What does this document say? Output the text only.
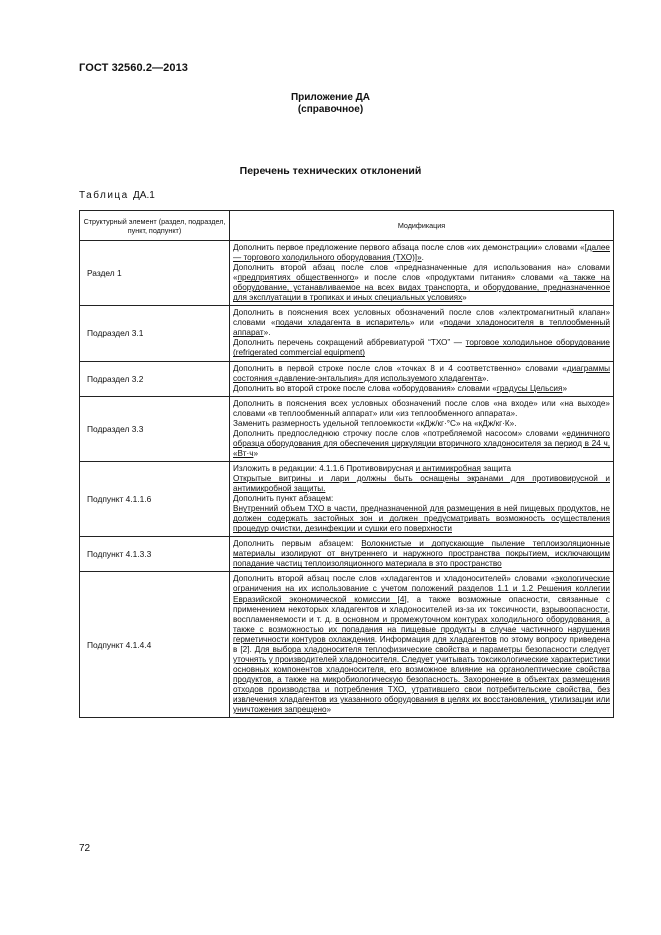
ГОСТ 32560.2—2013
Приложение ДА
(справочное)
Перечень технических отклонений
Таблица ДА.1
Структурный элемент (раздел, подраздел, пункт, подпункт)	Модификация
Раздел 1	Дополнить первое предложение первого абзаца после слов «их демонстрации» словами «[далее — торгового холодильного оборудования (ТХО)]».
Дополнить второй абзац после слов «предназначенные для использования на» словами «предприятиях общественного» и после слов «продуктами питания» словами «а также на оборудование, устанавливаемое на всех видах транспорта, и оборудование, предназначенное для эксплуатации в тропиках и иных специальных условиях»

Подраздел 3.1	Дополнить в пояснения всех условных обозначений после слов «электромагнитный клапан» словами «подачи хладагента в испаритель» или «подачи хладоносителя в теплообменный аппарат».
Дополнить перечень сокращений аббревиатурой “ТХО” — торговое холодильное оборудование (refrigerated commercial equipment)

Подраздел 3.2	Дополнить в первой строке после слов «точках 8 и 4 соответственно» словами «диаграммы состояния «давление-энтальпия» для используемого хладагента».
Дополнить во второй строке после слова «оборудования» словами «градусы Цельсия»

Подраздел 3.3	Дополнить в пояснения всех условных обозначений после слов «на входе» или «на выходе» словами «в теплообменный аппарат» или «из теплообменного аппарата».
Заменить размерность удельной теплоемкости «кДж/кг·°С» на «кДж/кг·К».
Дополнить предпоследнюю строчку после слов «потребляемой насосом» словами «единичного образца оборудования для обеспечения циркуляции вторичного хладоносителя за период в 24 ч, «Вт·ч»

Подпункт 4.1.1.6	Изложить в редакции: 4.1.1.6 Противовирусная и антимикробная защита
Открытые витрины и лари должны быть оснащены экранами для противовирусной и антимикробной защиты.
Дополнить пункт абзацем:
Внутренний объем ТХО в части, предназначенной для размещения в ней пищевых продуктов, не должен содержать застойных зон и должен предусматривать возможность осуществления процедур очистки, дезинфекции и сушки его поверхности

Подпункт 4.1.3.3	Дополнить первым абзацем: Волокнистые и допускающие пыление теплоизоляционные материалы изолируют от внутреннего и наружного пространства покрытием, исключающим попадание частиц теплоизоляционного материала в это пространство

Подпункт 4.1.4.4	Дополнить второй абзац после слов «хладагентов и хладоносителей» словами «экологические ограничения на их использование с учетом положений разделов 1.1 и 1.2 Решения коллегии Евразийской экономической комиссии [4], а также возможные опасности, связанные с применением некоторых хладагентов и хладоносителей из-за их токсичности, взрывоопасности, воспламеняемости и т. д. в основном и промежуточном контурах холодильного оборудования, а также с возможностью их попадания на пищевые продукты в случае частичного нарушения герметичности контуров охлаждения. Информация для хладагентов по этому вопросу приведена в [2]. Для выбора хладоносителя теплофизические свойства и параметры безопасности следует уточнять у производителей хладоносителя. Следует учитывать токсикологические характеристики основных компонентов хладоносителя, его возможное влияние на органолептические свойства продуктов, а также на микробиологическую безопасность. Захоронение в объектах размещения отходов производства и потребления ТХО, утратившего свои потребительские свойства, без извлечения хладагентов из указанного оборудования в целях их восстановления, утилизации или уничтожения запрещено»
72
